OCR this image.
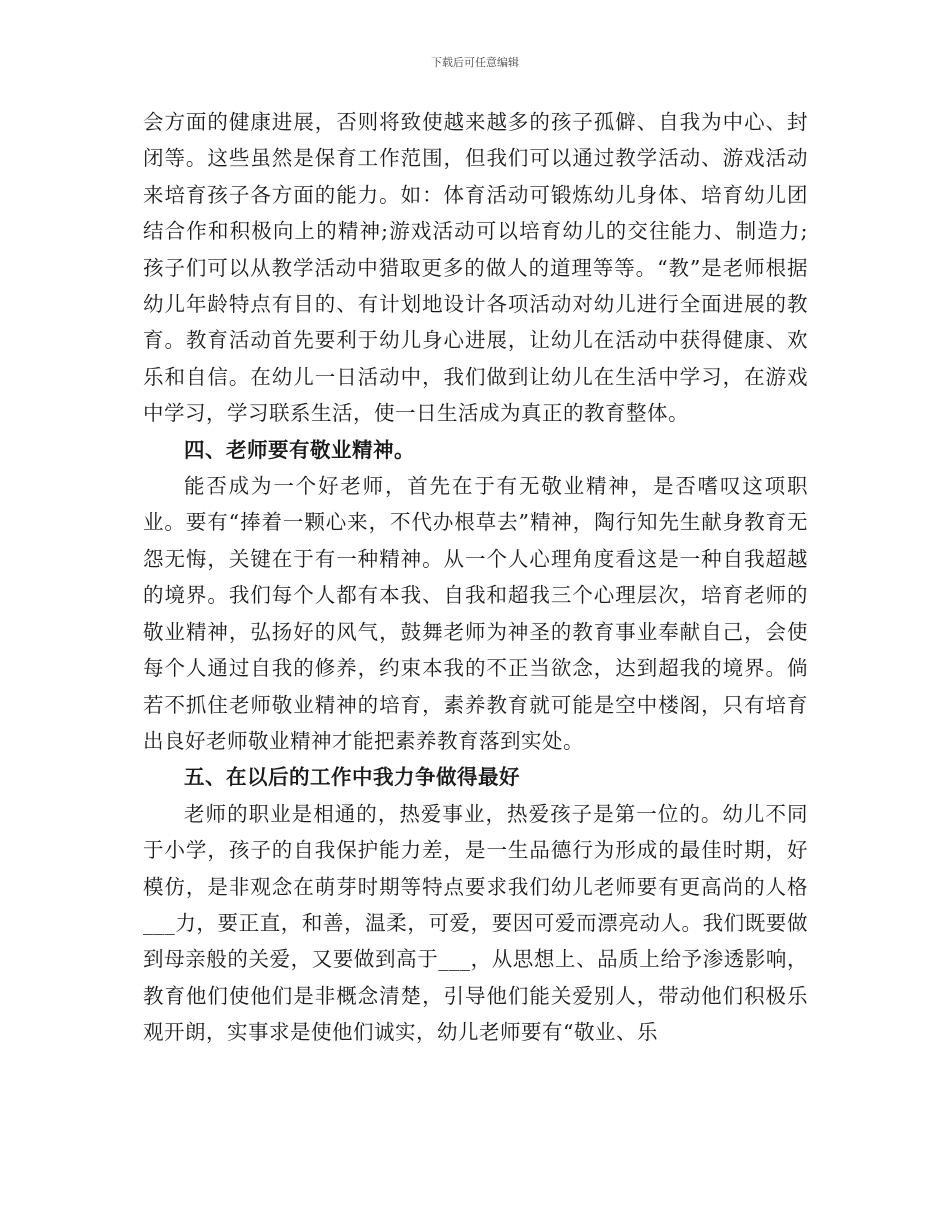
下载后可任意编辑

会方面的健康进展，否则将致使越来越多的孩子孤僻、自我为中心、封闭等。这些虽然是保育工作范围，但我们可以通过教学活动、游戏活动来培育孩子各方面的能力。如：体育活动可锻炼幼儿身体、培育幼儿团结合作和积极向上的精神;游戏活动可以培育幼儿的交往能力、制造力;孩子们可以从教学活动中猎取更多的做人的道理等等。“教”是老师根据幼儿年龄特点有目的、有计划地设计各项活动对幼儿进行全面进展的教育。教育活动首先要利于幼儿身心进展，让幼儿在活动中获得健康、欢乐和自信。在幼儿一日活动中，我们做到让幼儿在生活中学习，在游戏中学习，学习联系生活，使一日生活成为真正的教育整体。

四、老师要有敬业精神。

能否成为一个好老师，首先在于有无敬业精神，是否嗜叹这项职业。要有“捧着一颗心来，不代办根草去”精神，陶行知先生献身教育无怨无悔，关键在于有一种精神。从一个人心理角度看这是一种自我超越的境界。我们每个人都有本我、自我和超我三个心理层次，培育老师的敬业精神，弘扬好的风气，鼓舞老师为神圣的教育事业奉献自己，会使每个人通过自我的修养，约束本我的不正当欲念，达到超我的境界。倘若不抓住老师敬业精神的培育，素养教育就可能是空中楼阁，只有培育出良好老师敬业精神才能把素养教育落到实处。

五、在以后的工作中我力争做得最好

老师的职业是相通的，热爱事业，热爱孩子是第一位的。幼儿不同于小学，孩子的自我保护能力差，是一生品德行为形成的最佳时期，好模仿，是非观念在萌芽时期等特点要求我们幼儿老师要有更高尚的人格___力，要正直，和善，温柔，可爱，要因可爱而漂亮动人。我们既要做到母亲般的关爱，又要做到高于___，从思想上、品质上给予渗透影响，教育他们使他们是非概念清楚，引导他们能关爱别人，带动他们积极乐观开朗，实事求是使他们诚实，幼儿老师要有“敬业、乐
